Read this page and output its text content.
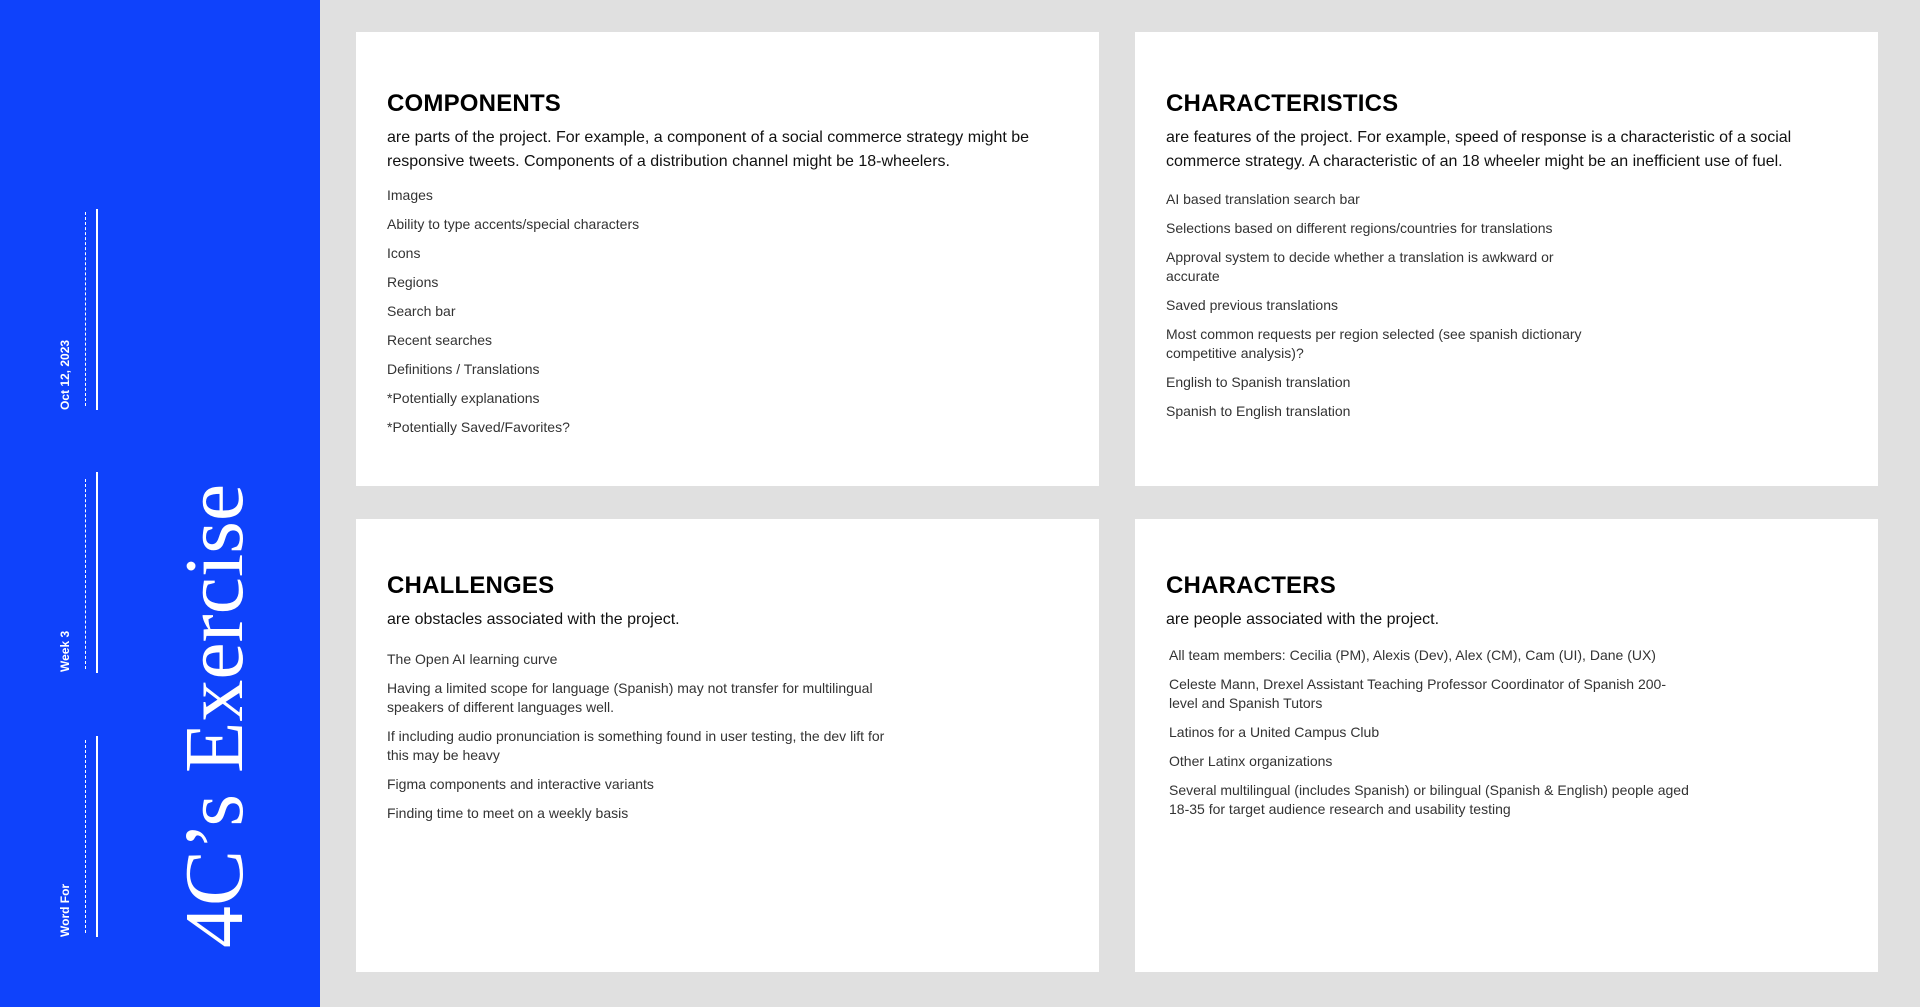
Oct 12, 2023
Week 3
Word For 4C’s Exercise
COMPONENTS

are parts of the project. For example, a component of a social commerce strategy might be responsive tweets. Components of a distribution channel might be 18-wheelers.

Images
Ability to type accents/special characters
Icons
Regions
Search bar
Recent searches
Definitions / Translations
*Potentially explanations
*Potentially Saved/Favorites?
CHARACTERISTICS

are features of the project. For example, speed of response is a characteristic of a social commerce strategy. A characteristic of an 18 wheeler might be an inefficient use of fuel.

AI based translation search bar
Selections based on different regions/countries for translations
Approval system to decide whether a translation is awkward or accurate
Saved previous translations
Most common requests per region selected (see spanish dictionary competitive analysis)?
English to Spanish translation
Spanish to English translation
CHALLENGES

are obstacles associated with the project.

The Open AI learning curve
Having a limited scope for language (Spanish) may not transfer for multilingual speakers of different languages well.
If including audio pronunciation is something found in user testing, the dev lift for this may be heavy
Figma components and interactive variants
Finding time to meet on a weekly basis
CHARACTERS

are people associated with the project.

All team members: Cecilia (PM), Alexis (Dev), Alex (CM), Cam (UI), Dane (UX)
Celeste Mann, Drexel Assistant Teaching Professor Coordinator of Spanish 200-level and Spanish Tutors
Latinos for a United Campus Club
Other Latinx organizations
Several multilingual (includes Spanish) or bilingual (Spanish & English) people aged 18-35 for target audience research and usability testing
